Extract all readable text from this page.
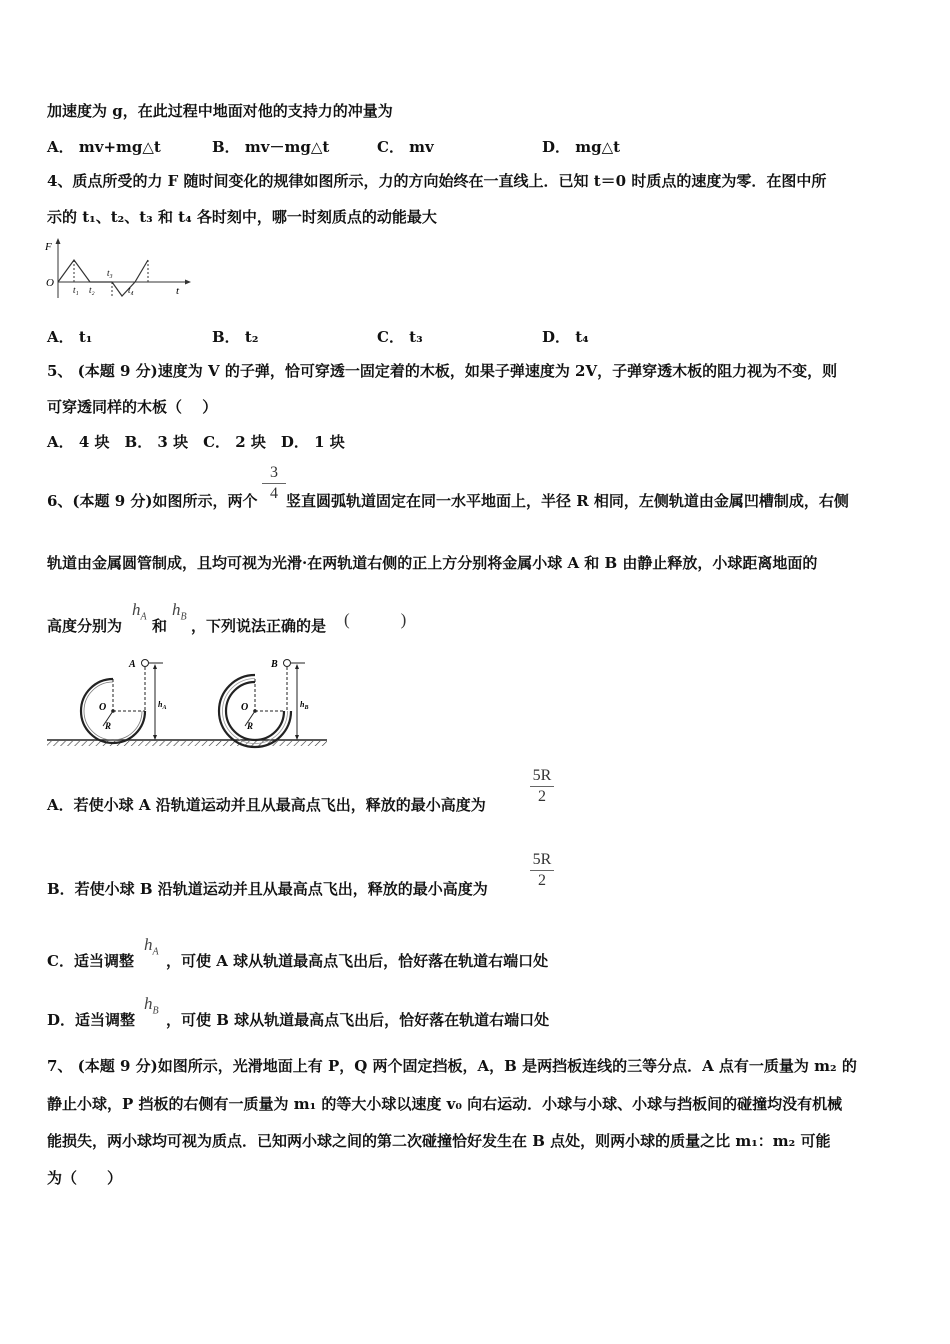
加速度为 g，在此过程中地面对他的支持力的冲量为
A． mv+mg△t	B． mv－mg△t	C． mv	D． mg△t
4、质点所受的力 F 随时间变化的规律如图所示，力的方向始终在一直线上．已知 t＝0 时质点的速度为零．在图中所
示的 t₁、t₂、t₃ 和 t₄ 各时刻中，哪一时刻质点的动能最大
F
O
t
t₁ t₂
t₃
t₄
A． t₁	B． t₂	C． t₃	D． t₄
5、 (本题 9 分)速度为 V 的子弹，恰可穿透一固定着的木板，如果子弹速度为 2V，子弹穿透木板的阻力视为不变，则
可穿透同样的木板（　 ）
A． 4 块　B． 3 块　C． 2 块　D． 1 块
6、(本题 9 分)如图所示，两个
3
4 竖直圆弧轨道固定在同一水平地面上，半径 R 相同，左侧轨道由金属凹槽制成，右侧
轨道由金属圆管制成，且均可视为光滑·在两轨道右侧的正上方分别将金属小球 A 和 B 由静止释放，小球距离地面的
高度分别为
$h_A$
和
$h_B$
，下列说法正确的是 (　　　)
O
R
A
$h_A$	O
R
B
$h_B$
A．若使小球 A 沿轨道运动并且从最高点飞出，释放的最小高度为
5R
2
B．若使小球 B 沿轨道运动并且从最高点飞出，释放的最小高度为
5R
2
C．适当调整
$h_A$
，可使 A 球从轨道最高点飞出后，恰好落在轨道右端口处
D．适当调整
$h_B$
，可使 B 球从轨道最高点飞出后，恰好落在轨道右端口处
7、 (本题 9 分)如图所示，光滑地面上有 P，Q 两个固定挡板，A，B 是两挡板连线的三等分点．A 点有一质量为 m₂ 的
静止小球，P 挡板的右侧有一质量为 m₁ 的等大小球以速度 v₀ 向右运动．小球与小球、小球与挡板间的碰撞均没有机械
能损失，两小球均可视为质点．已知两小球之间的第二次碰撞恰好发生在 B 点处，则两小球的质量之比 m₁：m₂ 可能
为（　　）
